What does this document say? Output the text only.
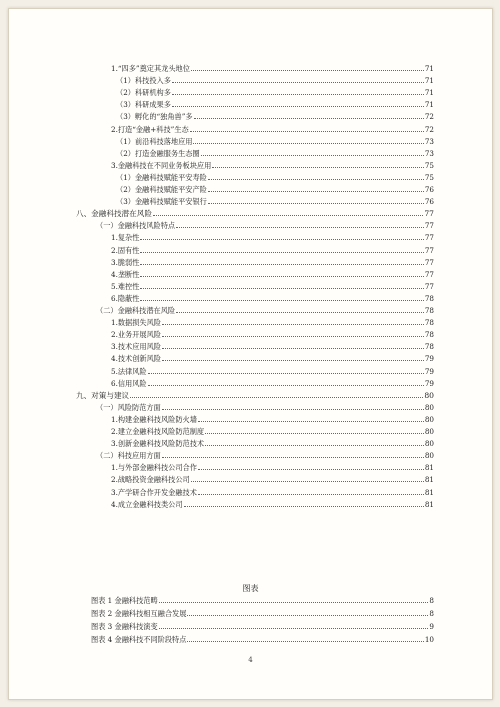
1.“四多”奠定其龙头地位	71
（1）科技投入多	71
（2）科研机构多	71
（3）科研成果多	71
（3）孵化的“独角兽”多	72
2.打造“金融+科技”生态	72
（1）前沿科技落地应用	73
（2）打造金融服务生态圈	73
3.金融科技在不同业务板块应用	75
（1）金融科技赋能平安寿险	75
（2）金融科技赋能平安产险	76
（3）金融科技赋能平安银行	76
八、金融科技潜在风险	77
（一）金融科技风险特点	77
1.复杂性	77
2.固有性	77
3.脆弱性	77
4.垄断性	77
5.难控性	77
6.隐蔽性	78
（二）金融科技潜在风险	78
1.数据损失风险	78
2.业务开展风险	78
3.技术应用风险	78
4.技术创新风险	79
5.法律风险	79
6.信用风险	79
九、对策与建议	80
（一）风险防范方面	80
1.构建金融科技风险防火墙	80
2.建立金融科技风险防范制度	80
3.创新金融科技风险防范技术	80
（二）科技应用方面	80
1.与外部金融科技公司合作	81
2.战略投资金融科技公司	81
3.产学研合作开发金融技术	81
4.成立金融科技类公司	81
图表 1 金融科技范畴	8
图表 2 金融科技相互融合发展	8
图表 3 金融科技演变	9
图表 4 金融科技不同阶段特点	10
图表
4
